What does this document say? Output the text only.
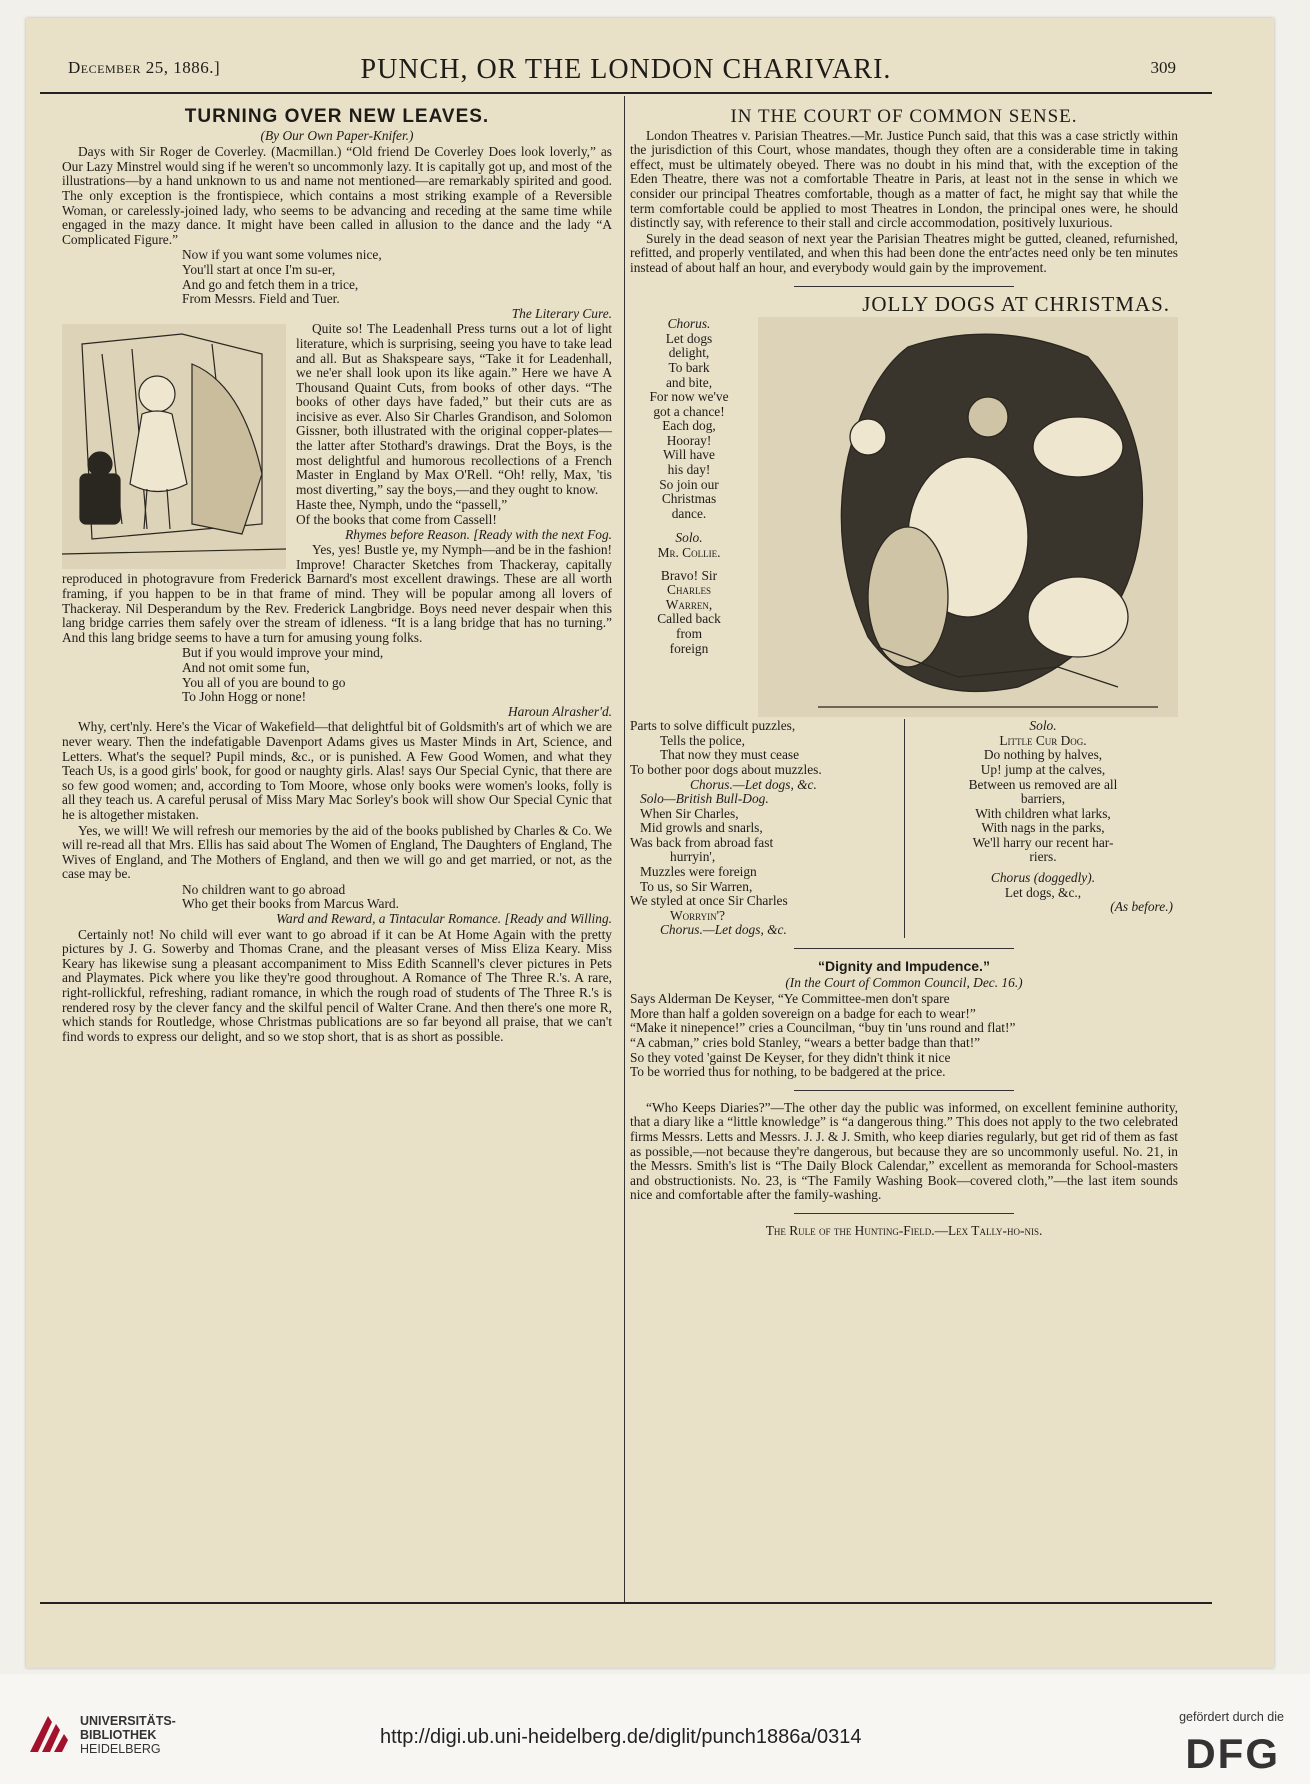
December 25, 1886.]	PUNCH, OR THE LONDON CHARIVARI.	309
TURNING OVER NEW LEAVES.
(By Our Own Paper-Knifer.)

Days with Sir Roger de Coverley. (Macmillan.) “Old friend De Coverley Does look loverly,” as Our Lazy Minstrel would sing if he weren't so uncommonly lazy. It is capitally got up, and most of the illustrations—by a hand unknown to us and name not mentioned—are remarkably spirited and good. The only exception is the frontispiece, which contains a most striking example of a Reversible Woman, or carelessly-joined lady, who seems to be advancing and receding at the same time while engaged in the mazy dance. It might have been called in allusion to the dance and the lady “A Complicated Figure.”

Now if you want some volumes nice,
You'll start at once I'm su-er,
And go and fetch them in a trice,
From Messrs. Field and Tuer.

The Literary Cure.

Quite so! The Leadenhall Press turns out a lot of light literature, which is surprising, seeing you have to take lead and all. But as Shakspeare says, “Take it for Leadenhall, we ne'er shall look upon its like again.” Here we have A Thousand Quaint Cuts, from books of other days. “The books of other days have faded,” but their cuts are as incisive as ever. Also Sir Charles Grandison, and Solomon Gissner, both illustrated with the original copper-plates—the latter after Stothard's drawings. Drat the Boys, is the most delightful and humorous recollections of a French Master in England by Max O'Rell. “Oh! relly, Max, 'tis most diverting,” say the boys,—and they ought to know.

Haste thee, Nymph, undo the “passell,”
Of the books that come from Cassell!

Rhymes before Reason. [Ready with the next Fog.

Yes, yes! Bustle ye, my Nymph—and be in the fashion! Improve! Character Sketches from Thackeray, capitally reproduced in photogravure from Frederick Barnard's most excellent drawings. These are all worth framing, if you happen to be in that frame of mind. They will be popular among all lovers of Thackeray. Nil Desperandum by the Rev. Frederick Langbridge. Boys need never despair when this lang bridge carries them safely over the stream of idleness. “It is a lang bridge that has no turning.” And this lang bridge seems to have a turn for amusing young folks.

But if you would improve your mind,
And not omit some fun,
You all of you are bound to go
To John Hogg or none!

Haroun Alrasher'd.

Why, cert'nly. Here's the Vicar of Wakefield—that delightful bit of Goldsmith's art of which we are never weary. Then the indefatigable Davenport Adams gives us Master Minds in Art, Science, and Letters. What's the sequel? Pupil minds, &c., or is punished. A Few Good Women, and what they Teach Us, is a good girls' book, for good or naughty girls. Alas! says Our Special Cynic, that there are so few good women; and, according to Tom Moore, whose only books were women's looks, folly is all they teach us. A careful perusal of Miss Mary Mac Sorley's book will show Our Special Cynic that he is altogether mistaken.

Yes, we will! We will refresh our memories by the aid of the books published by Charles & Co. We will re-read all that Mrs. Ellis has said about The Women of England, The Daughters of England, The Wives of England, and The Mothers of England, and then we will go and get married, or not, as the case may be.

No children want to go abroad
Who get their books from Marcus Ward.

Ward and Reward, a Tintacular Romance. [Ready and Willing.

Certainly not! No child will ever want to go abroad if it can be At Home Again with the pretty pictures by J. G. Sowerby and Thomas Crane, and the pleasant verses of Miss Eliza Keary. Miss Keary has likewise sung a pleasant accompaniment to Miss Edith Scannell's clever pictures in Pets and Playmates. Pick where you like they're good throughout. A Romance of The Three R.'s. A rare, right-rollickful, refreshing, radiant romance, in which the rough road of students of The Three R.'s is rendered rosy by the clever fancy and the skilful pencil of Walter Crane. And then there's one more R, which stands for Routledge, whose Christmas publications are so far beyond all praise, that we can't find words to express our delight, and so we stop short, that is as short as possible.

IN THE COURT OF COMMON SENSE.

London Theatres v. Parisian Theatres.—Mr. Justice Punch said, that this was a case strictly within the jurisdiction of this Court, whose mandates, though they often are a considerable time in taking effect, must be ultimately obeyed. There was no doubt in his mind that, with the exception of the Eden Theatre, there was not a comfortable Theatre in Paris, at least not in the sense in which we consider our principal Theatres comfortable, though as a matter of fact, he might say that while the term comfortable could be applied to most Theatres in London, the principal ones were, he should distinctly say, with reference to their stall and circle accommodation, positively luxurious.

Surely in the dead season of next year the Parisian Theatres might be gutted, cleaned, refurnished, refitted, and properly ventilated, and when this had been done the entr'actes need only be ten minutes instead of about half an hour, and everybody would gain by the improvement.

JOLLY DOGS AT CHRISTMAS.
Chorus.
Let dogs
delight,
To bark
and bite,
For now we've
got a chance!
Each dog,
Hooray!
Will have
his day!
So join our
Christmas
dance.
Solo.
Mr. Collie.
Bravo! Sir
Charles
Warren,
Called back
from
foreign
Parts to solve difficult puzzles,
Tells the police,
That now they must cease
To bother poor dogs about muzzles.
Chorus.—Let dogs, &c.
Solo—British Bull-Dog.
When Sir Charles,
Mid growls and snarls,
Was back from abroad fast
hurryin',
Muzzles were foreign
To us, so Sir Warren,
We styled at once Sir Charles
Worryin'?
Chorus.—Let dogs, &c.
Solo.
Little Cur Dog.
Do nothing by halves,
Up! jump at the calves,
Between us removed are all
barriers,
With children what larks,
With nags in the parks,
We'll harry our recent har-
riers.
Chorus (doggedly).
Let dogs, &c.,
(As before.)
“Dignity and Impudence.”
(In the Court of Common Council, Dec. 16.)
Says Alderman De Keyser, “Ye Committee-men don't spare
More than half a golden sovereign on a badge for each to wear!”
“Make it ninepence!” cries a Councilman, “buy tin 'uns round and flat!”
“A cabman,” cries bold Stanley, “wears a better badge than that!”
So they voted 'gainst De Keyser, for they didn't think it nice
To be worried thus for nothing, to be badgered at the price.

“Who Keeps Diaries?”—The other day the public was informed, on excellent feminine authority, that a diary like a “little knowledge” is “a dangerous thing.” This does not apply to the two celebrated firms Messrs. Letts and Messrs. J. J. & J. Smith, who keep diaries regularly, but get rid of them as fast as possible,—not because they're dangerous, but because they are so uncommonly useful. No. 21, in the Messrs. Smith's list is “The Daily Block Calendar,” excellent as memoranda for School-masters and obstructionists. No. 23, is “The Family Washing Book—covered cloth,”—the last item sounds nice and comfortable after the family-washing.

The Rule of the Hunting-Field.—Lex Tally-ho-nis.
UNIVERSITÄTS-
BIBLIOTHEK
HEIDELBERG
http://digi.ub.uni-heidelberg.de/diglit/punch1886a/0314
gefördert durch die
DFG
